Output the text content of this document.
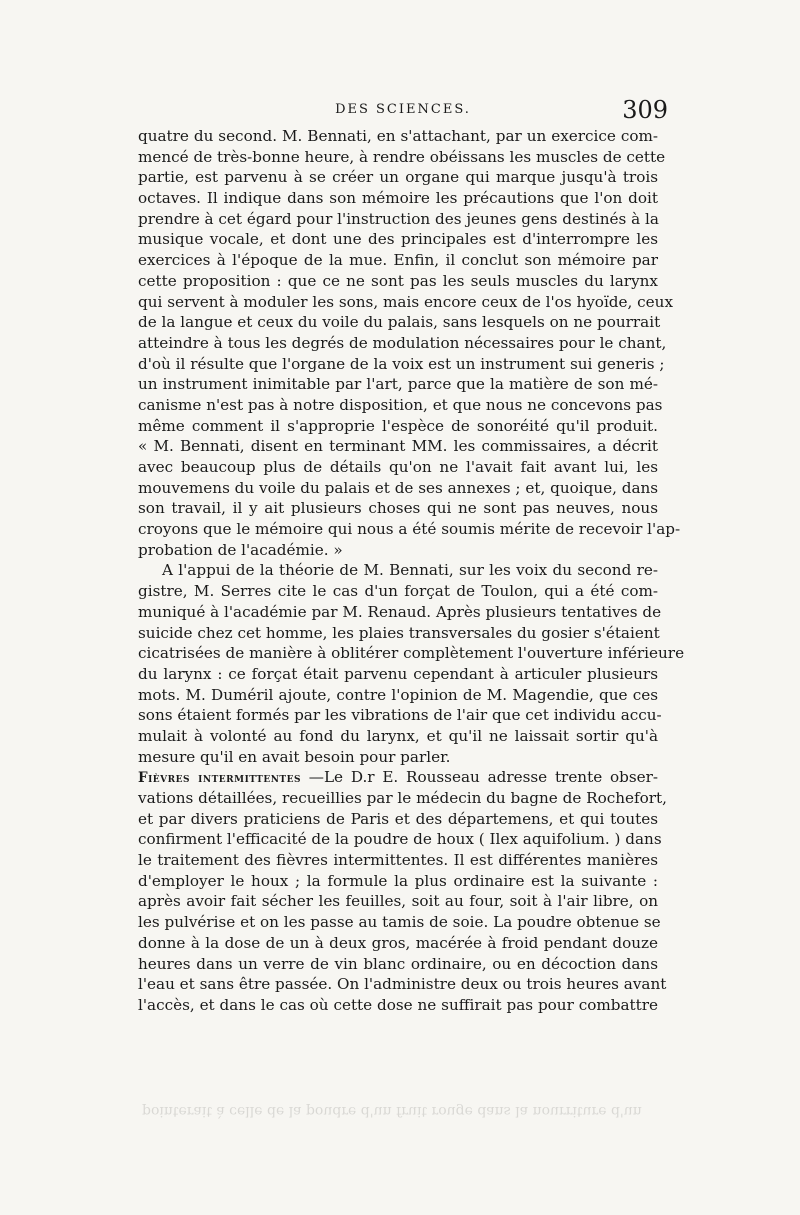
DES SCIENCES.	309
quatre du second. M. Bennati, en s'attachant, par un exercice com-
mencé de très-bonne heure, à rendre obéissans les muscles de cette
partie, est parvenu à se créer un organe qui marque jusqu'à trois
octaves. Il indique dans son mémoire les précautions que l'on doit
prendre à cet égard pour l'instruction des jeunes gens destinés à la
musique vocale, et dont une des principales est d'interrompre les
exercices à l'époque de la mue. Enfin, il conclut son mémoire par
cette proposition : que ce ne sont pas les seuls muscles du larynx
qui servent à moduler les sons, mais encore ceux de l'os hyoïde, ceux
de la langue et ceux du voile du palais, sans lesquels on ne pourrait
atteindre à tous les degrés de modulation nécessaires pour le chant,
d'où il résulte que l'organe de la voix est un instrument sui generis ;
un instrument inimitable par l'art, parce que la matière de son mé-
canisme n'est pas à notre disposition, et que nous ne concevons pas
même comment il s'approprie l'espèce de sonoréité qu'il produit.
« M. Bennati, disent en terminant MM. les commissaires, a décrit
avec beaucoup plus de détails qu'on ne l'avait fait avant lui, les
mouvemens du voile du palais et de ses annexes ; et, quoique, dans
son travail, il y ait plusieurs choses qui ne sont pas neuves, nous
croyons que le mémoire qui nous a été soumis mérite de recevoir l'ap-
probation de l'académie. »
A l'appui de la théorie de M. Bennati, sur les voix du second re-
gistre, M. Serres cite le cas d'un forçat de Toulon, qui a été com-
muniqué à l'académie par M. Renaud. Après plusieurs tentatives de
suicide chez cet homme, les plaies transversales du gosier s'étaient
cicatrisées de manière à oblitérer complètement l'ouverture inférieure
du larynx : ce forçat était parvenu cependant à articuler plusieurs
mots. M. Duméril ajoute, contre l'opinion de M. Magendie, que ces
sons étaient formés par les vibrations de l'air que cet individu accu-
mulait à volonté au fond du larynx, et qu'il ne laissait sortir qu'à
mesure qu'il en avait besoin pour parler.
Fièvres intermittentes —Le D.r E. Rousseau adresse trente obser-
vations détaillées, recueillies par le médecin du bagne de Rochefort,
et par divers praticiens de Paris et des départemens, et qui toutes
confirment l'efficacité de la poudre de houx ( Ilex aquifolium. ) dans
le traitement des fièvres intermittentes. Il est différentes manières
d'employer le houx ; la formule la plus ordinaire est la suivante :
après avoir fait sécher les feuilles, soit au four, soit à l'air libre, on
les pulvérise et on les passe au tamis de soie. La poudre obtenue se
donne à la dose de un à deux gros, macérée à froid pendant douze
heures dans un verre de vin blanc ordinaire, ou en décoction dans
l'eau et sans être passée. On l'administre deux ou trois heures avant
l'accès, et dans le cas où cette dose ne suffirait pas pour combattre
pointerait à celle de la poudre d'un fruit rouge dans la nourriture d'un
